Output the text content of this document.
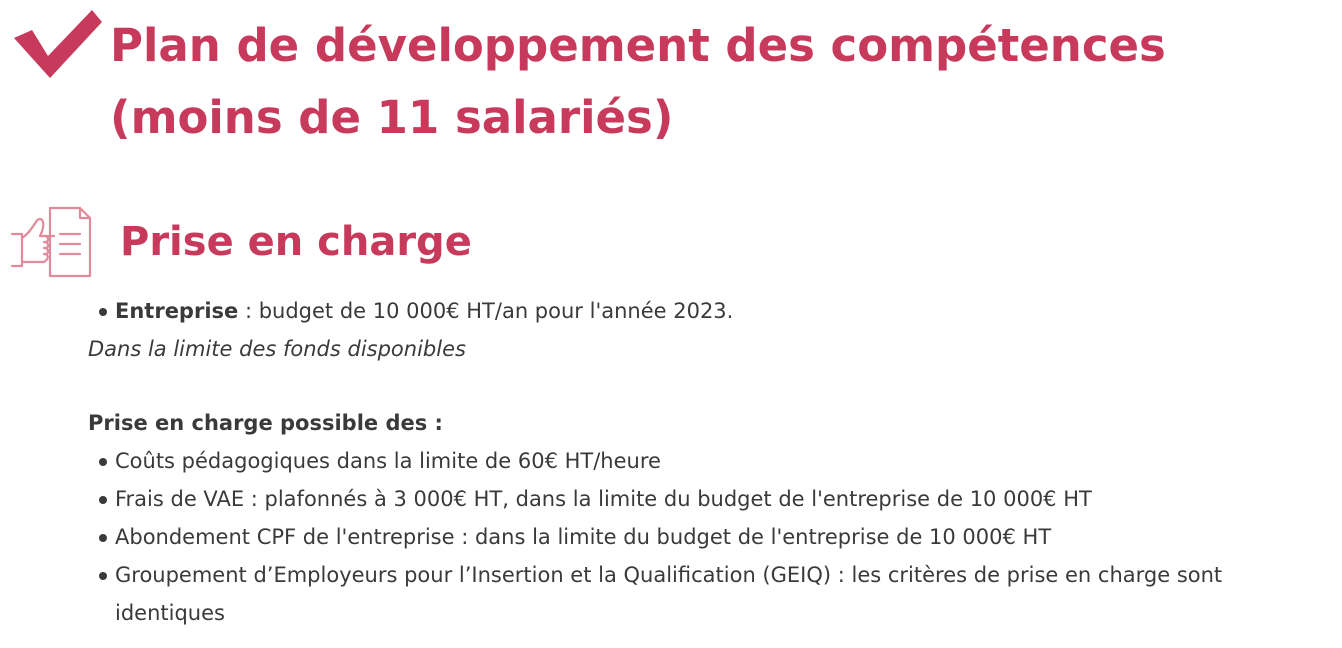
Plan de développement des compétences
(moins de 11 salariés)
Prise en charge
Entreprise : budget de 10 000€ HT/an pour l'année 2023.
Dans la limite des fonds disponibles
Prise en charge possible des :
Coûts pédagogiques dans la limite de 60€ HT/heure
Frais de VAE : plafonnés à 3 000€ HT, dans la limite du budget de l'entreprise de 10 000€ HT
Abondement CPF de l'entreprise : dans la limite du budget de l'entreprise de 10 000€ HT
Groupement d’Employeurs pour l’Insertion et la Qualification (GEIQ) : les critères de prise en charge sont identiques
